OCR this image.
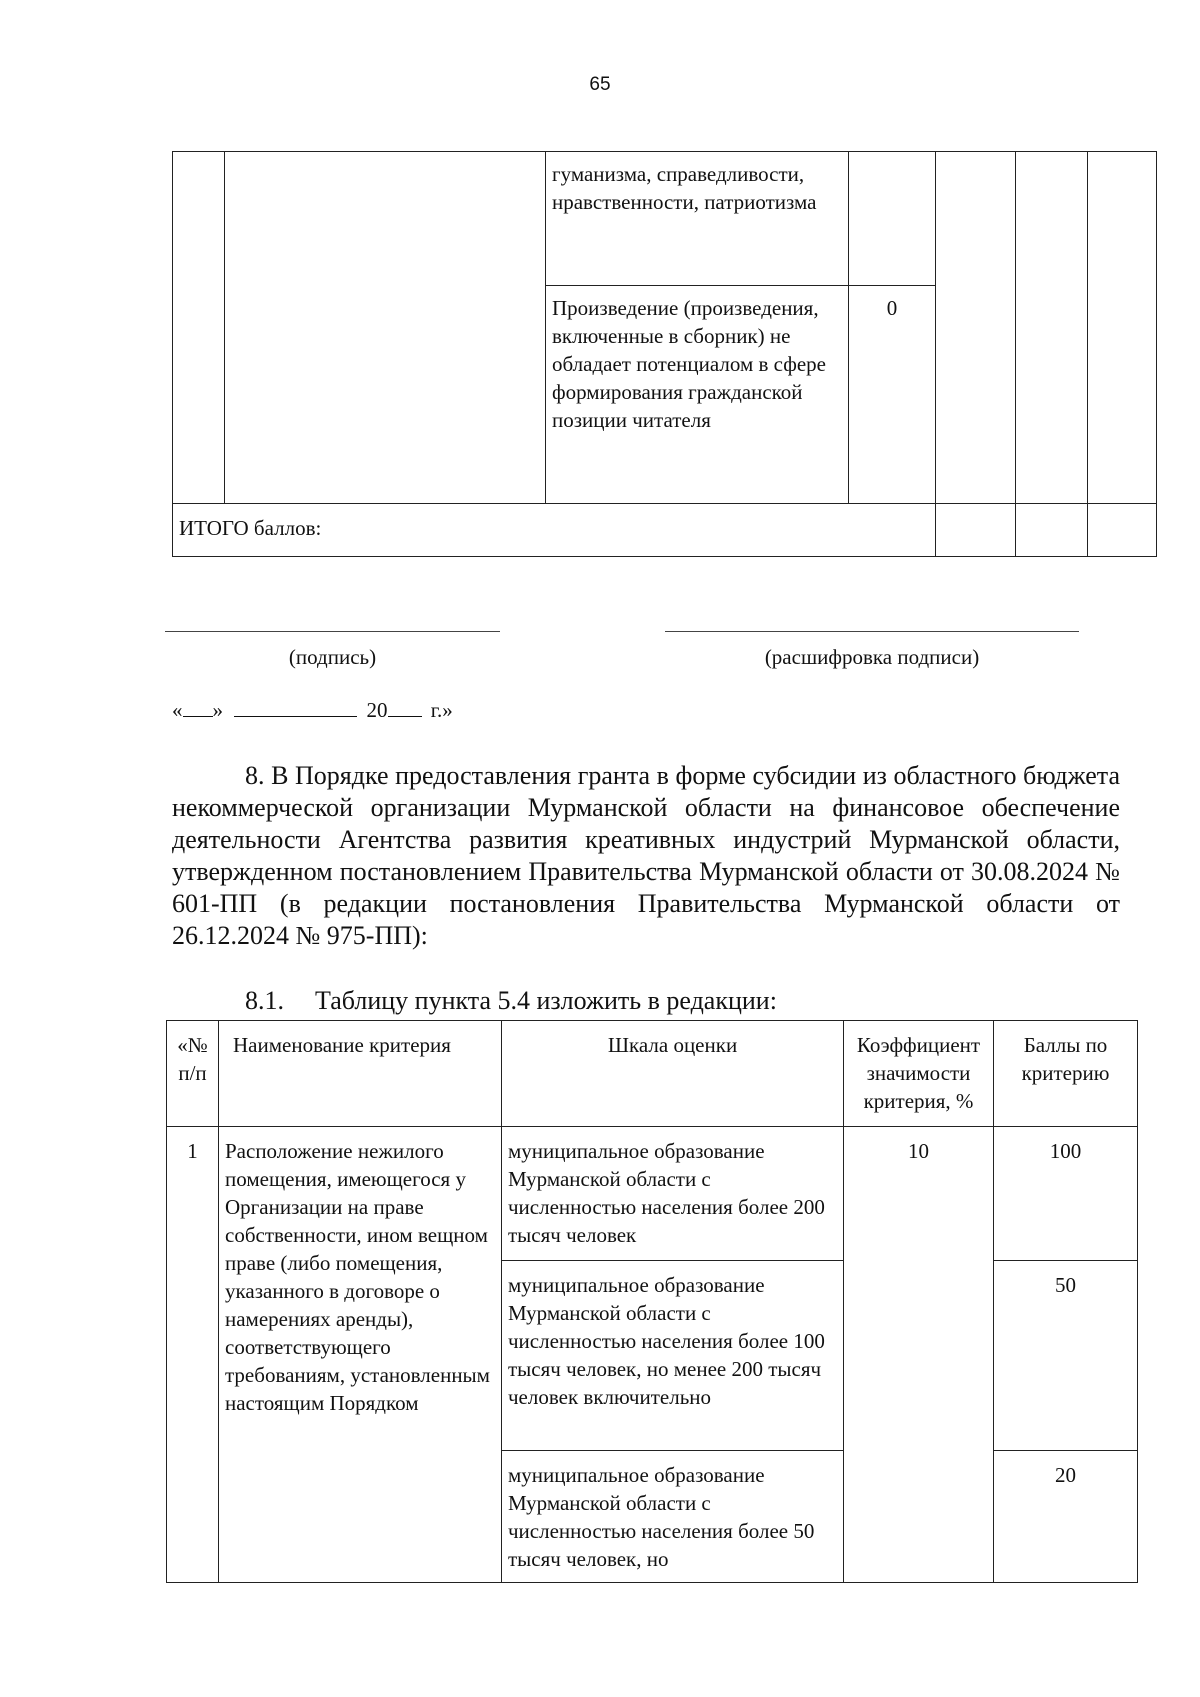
65
		гуманизма, справедливости, нравственности, патриотизма				
		Произведение (произведения, включенные в сборник) не обладает потенциалом в сфере формирования гражданской позиции читателя	0			
ИТОГО баллов:						
(подпись)	(расшифровка подписи)
« »	20 г.»
8. В Порядке предоставления гранта в форме субсидии из областного бюджета некоммерческой организации Мурманской области на финансовое обеспечение деятельности Агентства развития креативных индустрий Мурманской области, утвержденном постановлением Правительства Мурманской области от 30.08.2024 № 601-ПП (в редакции постановления Правительства Мурманской области от 26.12.2024 № 975-ПП):
8.1. Таблицу пункта 5.4 изложить в редакции:
«№ п/п	Наименование критерия	Шкала оценки	Коэффициент значимости критерия, %	Баллы по критерию
1	Расположение нежилого помещения, имеющегося у Организации на праве собственности, ином вещном праве (либо помещения, указанного в договоре о намерениях аренды), соответствующего требованиям, установленным настоящим Порядком	муниципальное образование Мурманской области с численностью населения более 200 тысяч человек	10	100
		муниципальное образование Мурманской области с численностью населения более 100 тысяч человек, но менее 200 тысяч человек включительно		50
		муниципальное образование Мурманской области с численностью населения более 50 тысяч человек, но		20
